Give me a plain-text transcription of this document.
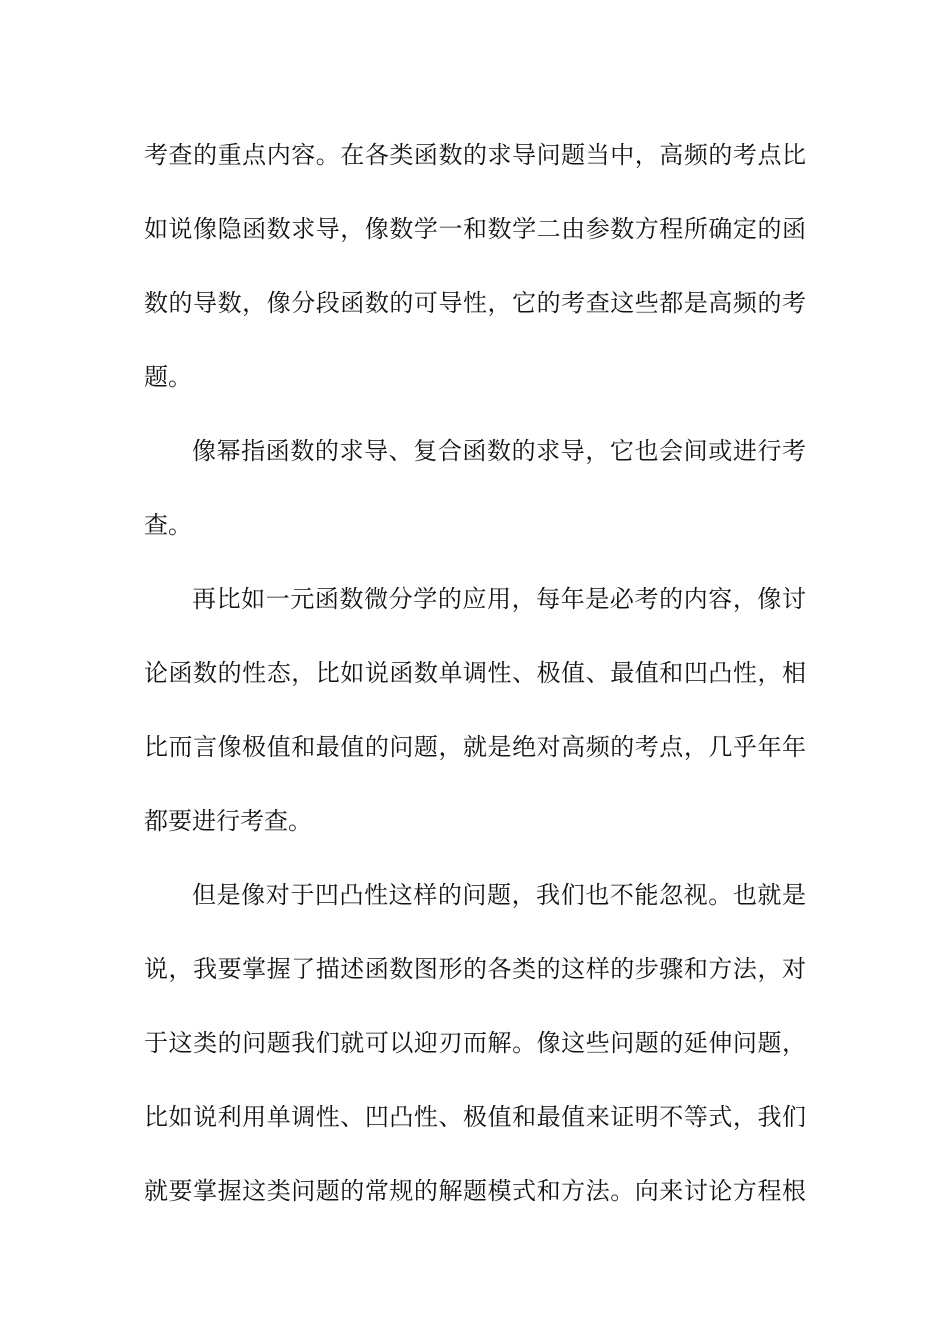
考查的重点内容。在各类函数的求导问题当中，高频的考点比
如说像隐函数求导，像数学一和数学二由参数方程所确定的函
数的导数，像分段函数的可导性，它的考查这些都是高频的考
题。
像幂指函数的求导、复合函数的求导，它也会间或进行考
查。
再比如一元函数微分学的应用，每年是必考的内容，像讨
论函数的性态，比如说函数单调性、极值、最值和凹凸性，相
比而言像极值和最值的问题，就是绝对高频的考点，几乎年年
都要进行考查。
但是像对于凹凸性这样的问题，我们也不能忽视。也就是
说，我要掌握了描述函数图形的各类的这样的步骤和方法，对
于这类的问题我们就可以迎刃而解。像这些问题的延伸问题，
比如说利用单调性、凹凸性、极值和最值来证明不等式，我们
就要掌握这类问题的常规的解题模式和方法。向来讨论方程根
